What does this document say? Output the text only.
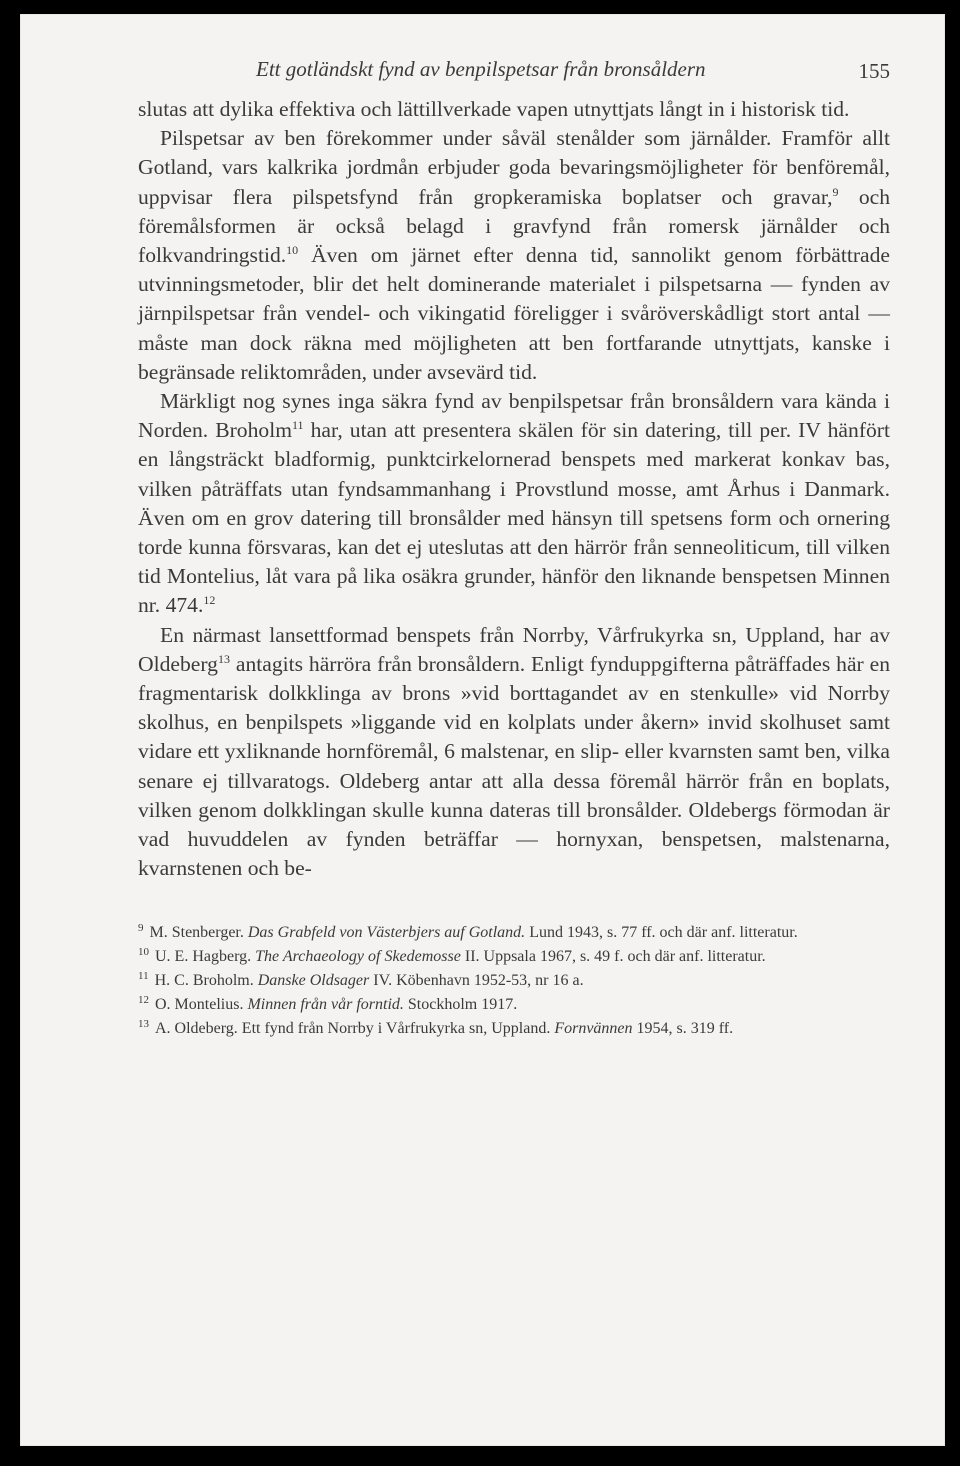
Ett gotländskt fynd av benpilspetsar från bronsåldern	155

slutas att dylika effektiva och lättillverkade vapen utnyttjats långt in i historisk tid.

Pilspetsar av ben förekommer under såväl stenålder som järnålder. Framför allt Gotland, vars kalkrika jordmån erbjuder goda bevaringsmöjligheter för benföremål, uppvisar flera pilspetsfynd från gropkeramiska boplatser och gravar,$^9$ och föremålsformen är också belagd i gravfynd från romersk järnålder och folkvandringstid.$^{10}$ Även om järnet efter denna tid, sannolikt genom förbättrade utvinningsmetoder, blir det helt dominerande materialet i pilspetsarna — fynden av järnpilspetsar från vendel- och vikingatid föreligger i svåröverskådligt stort antal — måste man dock räkna med möjligheten att ben fortfarande utnyttjats, kanske i begränsade reliktområden, under avsevärd tid.

Märkligt nog synes inga säkra fynd av benpilspetsar från bronsåldern vara kända i Norden. Broholm$^{11}$ har, utan att presentera skälen för sin datering, till per. IV hänfört en långsträckt bladformig, punktcirkelornerad benspets med markerat konkav bas, vilken påträffats utan fyndsammanhang i Provstlund mosse, amt Århus i Danmark. Även om en grov datering till bronsålder med hänsyn till spetsens form och ornering torde kunna försvaras, kan det ej uteslutas att den härrör från senneoliticum, till vilken tid Montelius, låt vara på lika osäkra grunder, hänför den liknande benspetsen Minnen nr. 474.12

En närmast lansettformad benspets från Norrby, Vårfrukyrka sn, Uppland, har av Oldeberg$^{13}$ antagits härröra från bronsåldern. Enligt fynduppgifterna påträffades här en fragmentarisk dolkklinga av brons »vid borttagandet av en stenkulle» vid Norrby skolhus, en benpilspets »liggande vid en kolplats under åkern» invid skolhuset samt vidare ett yxliknande hornföremål, 6 malstenar, en slip- eller kvarnsten samt ben, vilka senare ej tillvaratogs. Oldeberg antar att alla dessa föremål härrör från en boplats, vilken genom dolkklingan skulle kunna dateras till bronsålder. Oldebergs förmodan är vad huvuddelen av fynden beträffar — hornyxan, benspetsen, malstenarna, kvarnstenen och be-

$^9$ M. Stenberger. Das Grabfeld von Västerbjers auf Gotland. Lund 1943, s. 77 ff. och där anf. litteratur.

$^{10}$ U. E. Hagberg. The Archaeology of Skedemosse II. Uppsala 1967, s. 49 f. och där anf. litteratur.

$^{11}$ H. C. Broholm. Danske Oldsager IV. Köbenhavn 1952-53, nr 16 a.

$^{12}$ O. Montelius. Minnen från vår forntid. Stockholm 1917.

$^{13}$ A. Oldeberg. Ett fynd från Norrby i Vårfrukyrka sn, Uppland. Fornvännen 1954, s. 319 ff.
